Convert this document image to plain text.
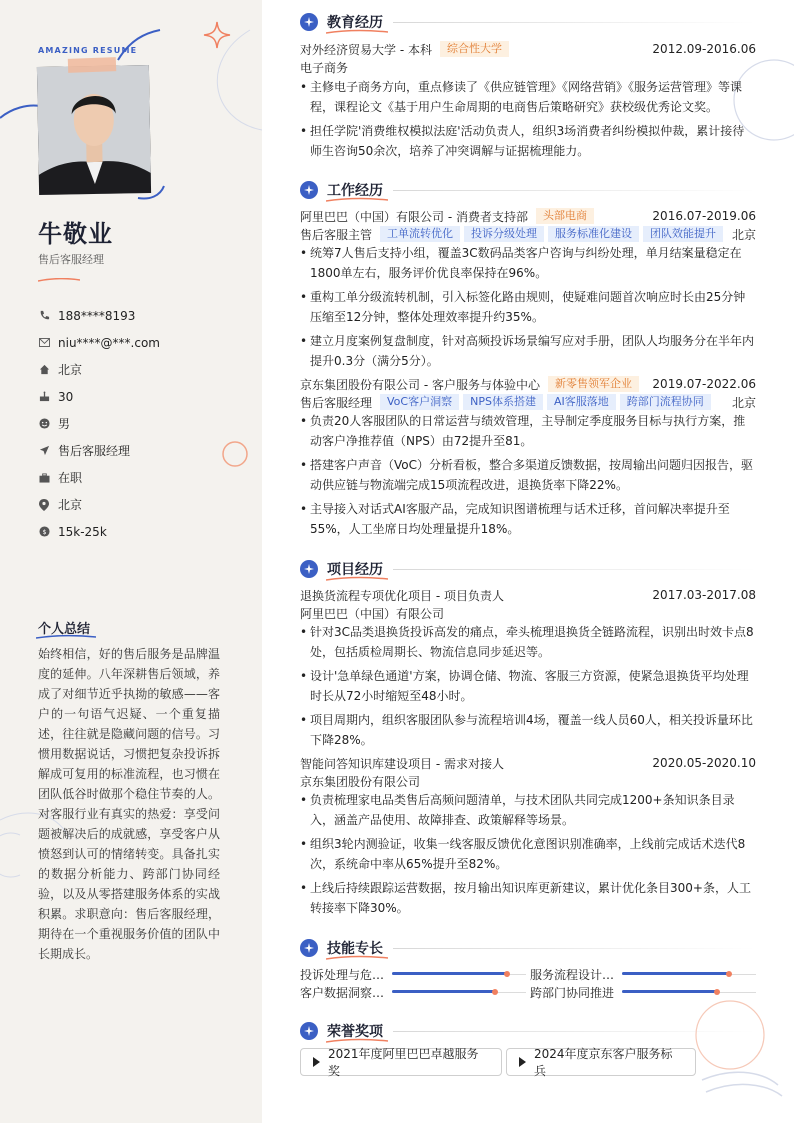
AMAZING RESUME
牛敬业
售后客服经理
188****8193
niu****@***.com
北京
30
男
售后客服经理
在职
北京
$ 15k-25k
个人总结
始终相信，好的售后服务是品牌温度的延伸。八年深耕售后领域，养成了对细节近乎执拗的敏感——客户的一句语气迟疑、一个重复描述，往往就是隐藏问题的信号。习惯用数据说话，习惯把复杂投诉拆解成可复用的标准流程，也习惯在团队低谷时做那个稳住节奏的人。对客服行业有真实的热爱：享受问题被解决后的成就感，享受客户从愤怒到认可的情绪转变。具备扎实的数据分析能力、跨部门协同经验，以及从零搭建服务体系的实战积累。求职意向：售后客服经理，期待在一个重视服务价值的团队中长期成长。
教育经历
对外经济贸易大学 - 本科	综合性大学	2012.09-2016.06
电子商务
• 主修电子商务方向，重点修读了《供应链管理》《网络营销》《服务运营管理》等课程，课程论文《基于用户生命周期的电商售后策略研究》获校级优秀论文奖。
• 担任学院'消费维权模拟法庭'活动负责人，组织3场消费者纠纷模拟仲裁，累计接待师生咨询50余次，培养了冲突调解与证据梳理能力。
工作经历
阿里巴巴（中国）有限公司 - 消费者支持部	头部电商	2016.07-2019.06
售后客服主管	工单流转优化	投诉分级处理	服务标准化建设	团队效能提升	北京
• 统筹7人售后支持小组，覆盖3C数码品类客户咨询与纠纷处理，单月结案量稳定在1800单左右，服务评价优良率保持在96%。
• 重构工单分级流转机制，引入标签化路由规则，使疑难问题首次响应时长由25分钟压缩至12分钟，整体处理效率提升约35%。
• 建立月度案例复盘制度，针对高频投诉场景编写应对手册，团队人均服务分在半年内提升0.3分（满分5分）。
京东集团股份有限公司 - 客户服务与体验中心	新零售领军企业	2019.07-2022.06
售后客服经理	VoC客户洞察	NPS体系搭建	AI客服落地	跨部门流程协同	北京
• 负责20人客服团队的日常运营与绩效管理，主导制定季度服务目标与执行方案，推动客户净推荐值（NPS）由72提升至81。
• 搭建客户声音（VoC）分析看板，整合多渠道反馈数据，按周输出问题归因报告，驱动供应链与物流端完成15项流程改进，退换货率下降22%。
• 主导接入对话式AI客服产品，完成知识图谱梳理与话术迁移，首问解决率提升至55%，人工坐席日均处理量提升18%。
项目经历
退换货流程专项优化项目 - 项目负责人	2017.03-2017.08
阿里巴巴（中国）有限公司
• 针对3C品类退换货投诉高发的痛点，牵头梳理退换货全链路流程，识别出时效卡点8处，包括质检周期长、物流信息同步延迟等。
• 设计'急单绿色通道'方案，协调仓储、物流、客服三方资源，使紧急退换货平均处理时长从72小时缩短至48小时。
• 项目周期内，组织客服团队参与流程培训4场，覆盖一线人员60人，相关投诉量环比下降28%。
智能问答知识库建设项目 - 需求对接人	2020.05-2020.10
京东集团股份有限公司
• 负责梳理家电品类售后高频问题清单，与技术团队共同完成1200+条知识条目录入，涵盖产品使用、故障排查、政策解释等场景。
• 组织3轮内测验证，收集一线客服反馈优化意图识别准确率，上线前完成话术迭代8次，系统命中率从65%提升至82%。
• 上线后持续跟踪运营数据，按月输出知识库更新建议，累计优化条目300+条，人工转接率下降30%。
技能专长
投诉处理与危…	服务流程设计…
客户数据洞察…	跨部门协同推进
荣誉奖项
2021年度阿里巴巴卓越服务奖
2024年度京东客户服务标兵
